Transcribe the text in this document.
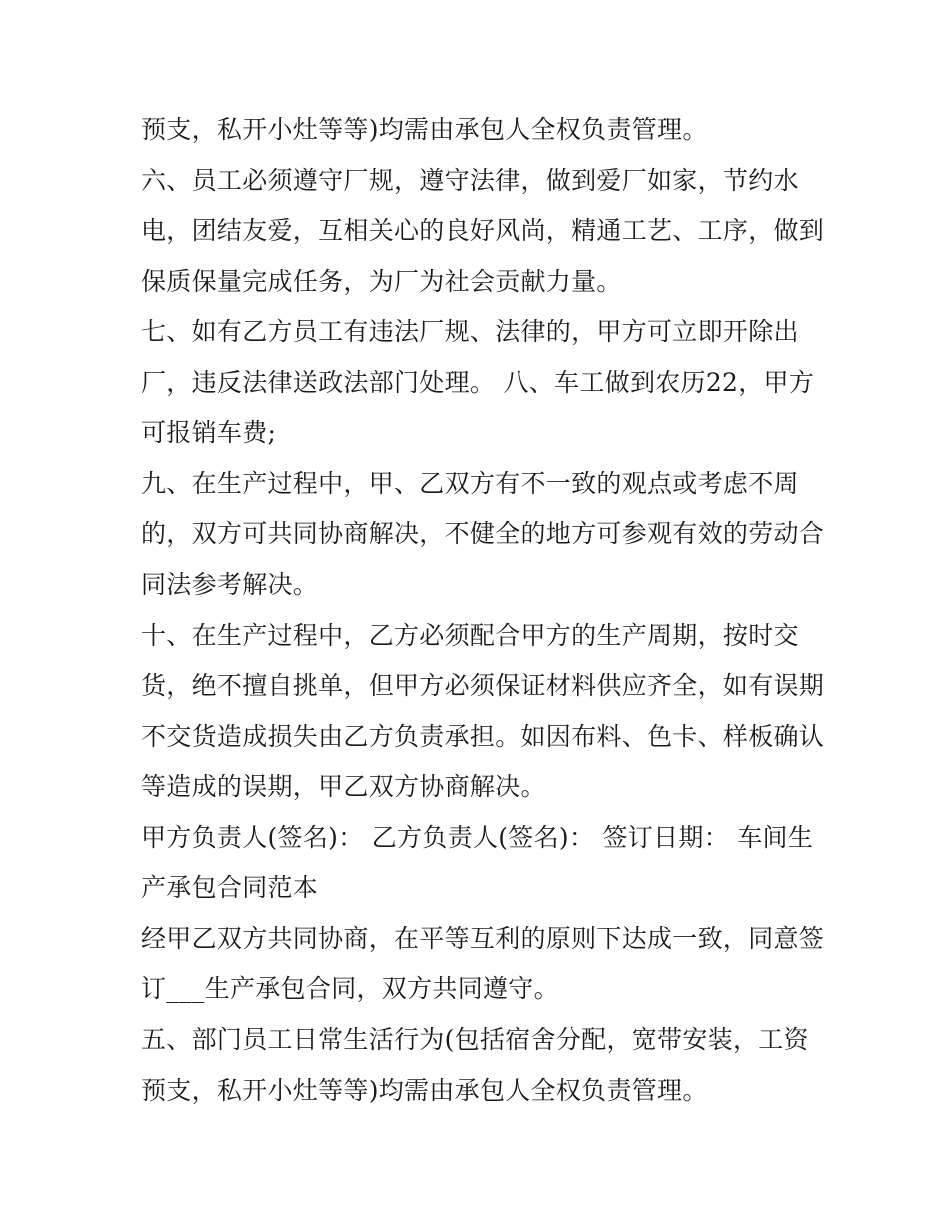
预支，私开小灶等等)均需由承包人全权负责管理。
六、员工必须遵守厂规，遵守法律，做到爱厂如家，节约水
电，团结友爱，互相关心的良好风尚，精通工艺、工序，做到
保质保量完成任务，为厂为社会贡献力量。
七、如有乙方员工有违法厂规、法律的，甲方可立即开除出
厂，违反法律送政法部门处理。 八、车工做到农历22，甲方
可报销车费;
九、在生产过程中，甲、乙双方有不一致的观点或考虑不周
的，双方可共同协商解决，不健全的地方可参观有效的劳动合
同法参考解决。
十、在生产过程中，乙方必须配合甲方的生产周期，按时交
货，绝不擅自挑单，但甲方必须保证材料供应齐全，如有误期
不交货造成损失由乙方负责承担。如因布料、色卡、样板确认
等造成的误期，甲乙双方协商解决。
甲方负责人(签名)： 乙方负责人(签名)： 签订日期： 车间生
产承包合同范本
经甲乙双方共同协商，在平等互利的原则下达成一致，同意签
订___生产承包合同，双方共同遵守。
五、部门员工日常生活行为(包括宿舍分配，宽带安装，工资
预支，私开小灶等等)均需由承包人全权负责管理。
